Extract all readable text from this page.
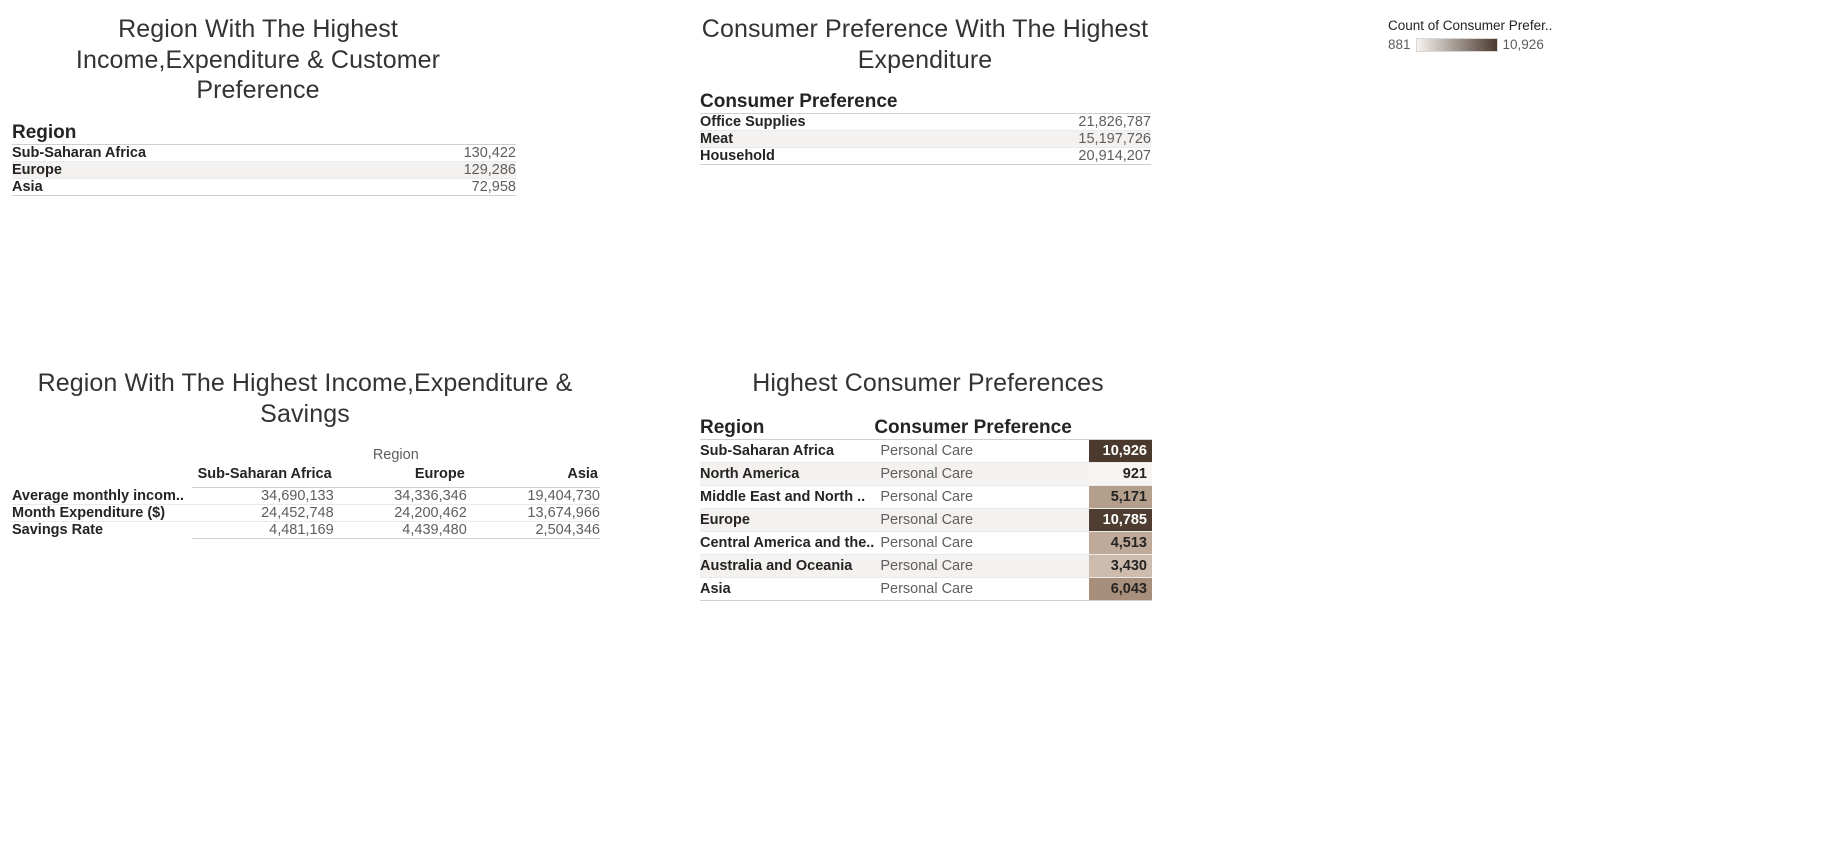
Region With The Highest Income,Expenditure & Customer Preference
Region	
Sub-Saharan Africa	130,422
Europe	129,286
Asia	72,958
Consumer Preference With The Highest Expenditure
Consumer Preference	
Office Supplies	21,826,787
Meat	15,197,726
Household	20,914,207
Region With The Highest Income,Expenditure & Savings
	Region		
	Sub-Saharan Africa	Europe	Asia
Average monthly incom..	34,690,133	34,336,346	19,404,730
Month Expenditure ($)	24,452,748	24,200,462	13,674,966
Savings Rate	4,481,169	4,439,480	2,504,346
Highest Consumer Preferences
Region	Consumer Preference	
Sub-Saharan Africa	Personal Care	10,926
North America	Personal Care	921
Middle East and North ..	Personal Care	5,171
Europe	Personal Care	10,785
Central America and the..	Personal Care	4,513
Australia and Oceania	Personal Care	3,430
Asia	Personal Care	6,043
Count of Consumer Prefer..
881	10,926
